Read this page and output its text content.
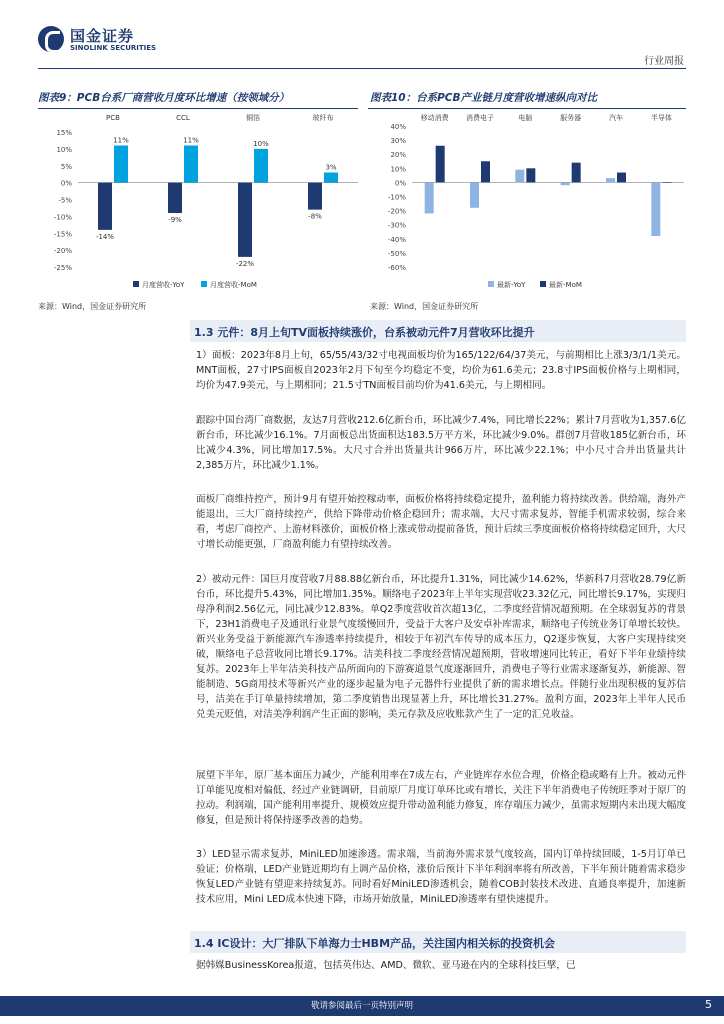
国金证券
SINOLINK SECURITIES
行业周报
图表9：PCB台系厂商营收月度环比增速（按领域分）
15%
10%
5%
0%
-5%
-10%
-15%
-20%
-25%
PCB	CCL	铜箔	玻纤布
-14%
-9%
-22%
-8%
11%	11%	10%
3%
月度营收-YoY	月度营收-MoM
来源：Wind，国金证券研究所
图表10：台系PCB产业链月度营收增速纵向对比
40%
30%
20%
10%
0%
-10%
-20%
-30%
-40%
-50%
-60%
移动消费 消费电子	电脑	服务器	汽车	半导体
最新-YoY	最新-MoM
来源：Wind，国金证券研究所
1.3 元件：8月上旬TV面板持续涨价，台系被动元件7月营收环比提升
1）面板：2023年8月上旬，65/55/43/32寸电视面板均价为165/122/64/37美元，与前期相比上涨3/3/1/1美元。MNT面板，27寸IPS面板自2023年2月下旬至今均稳定不变，均价为61.6美元；23.8寸IPS面板价格与上期相同，均价为47.9美元，与上期相同；21.5寸TN面板目前均价为41.6美元，与上期相同。
跟踪中国台湾厂商数据，友达7月营收212.6亿新台币，环比减少7.4%，同比增长22%；累计7月营收为1,357.6亿新台币，环比减少16.1%。7月面板总出货面积达183.5万平方米，环比减少9.0%。群创7月营收185亿新台币，环比减少4.3%，同比增加17.5%。大尺寸合并出货量共计966万片，环比减少22.1%；中小尺寸合并出货量共计2,385万片，环比减少1.1%。
面板厂商维持控产，预计9月有望开始控稼动率，面板价格将持续稳定提升，盈利能力将持续改善。供给端，海外产能退出，三大厂商持续控产，供给下降带动价格企稳回升；需求端，大尺寸需求复苏，智能手机需求较弱，综合来看，考虑厂商控产、上游材料涨价，面板价格上涨或带动提前备货，预计后续三季度面板价格将持续稳定回升，大尺寸增长动能更强，厂商盈利能力有望持续改善。
2）被动元件：国巨月度营收7月88.88亿新台币，环比提升1.31%，同比减少14.62%，华新科7月营收28.79亿新台币，环比提升5.43%，同比增加1.35%。顺络电子2023年上半年实现营收23.32亿元，同比增长9.17%，实现归母净利润2.56亿元，同比减少12.83%。单Q2季度营收首次超13亿，二季度经营情况超预期。在全球弱复苏的背景下，23H1消费电子及通讯行业景气度缓慢回升，受益于大客户及安卓补库需求，顺络电子传统业务订单增长较快。新兴业务受益于新能源汽车渗透率持续提升，相较于年初汽车传导的成本压力，Q2逐步恢复，大客户实现持续突破，顺络电子总营收同比增长9.17%。洁美科技二季度经营情况超预期，营收增速同比转正，看好下半年业绩持续复苏。2023年上半年洁美科技产品所面向的下游赛道景气度逐渐回升，消费电子等行业需求逐渐复苏，新能源、智能制造、5G商用技术等新兴产业的逐步起量为电子元器件行业提供了新的需求增长点。伴随行业出现积极的复苏信号，洁美在手订单量持续增加，第二季度销售出现显著上升，环比增长31.27%。盈利方面，2023年上半年人民币兑美元贬值，对洁美净利润产生正面的影响，美元存款及应收账款产生了一定的汇兑收益。
展望下半年，原厂基本面压力减少，产能利用率在7成左右，产业链库存水位合理，价格企稳或略有上升。被动元件订单能见度相对偏低，经过产业链调研，目前原厂月度订单环比或有增长，关注下半年消费电子传统旺季对于原厂的拉动。利润端，国产能利用率提升、规模效应提升带动盈利能力修复，库存端压力减少，虽需求短期内未出现大幅度修复，但是预计将保持逐季改善的趋势。
3）LED显示需求复苏，MiniLED加速渗透。需求端，当前海外需求景气度较高，国内订单持续回暖，1-5月订单已验证；价格端，LED产业链近期均有上调产品价格，涨价后预计下半年利润率将有所改善，下半年预计随着需求稳步恢复LED产业链有望迎来持续复苏。同时看好MiniLED渗透机会，随着COB封装技术改进、直通良率提升，加速新技术应用，Mini LED成本快速下降，市场开始放量，MiniLED渗透率有望快速提升。
1.4 IC设计：大厂排队下单海力士HBM产品，关注国内相关标的投资机会
据韩媒BusinessKorea报道，包括英伟达、AMD、微软、亚马逊在内的全球科技巨擘，已
敬请参阅最后一页特别声明	5
